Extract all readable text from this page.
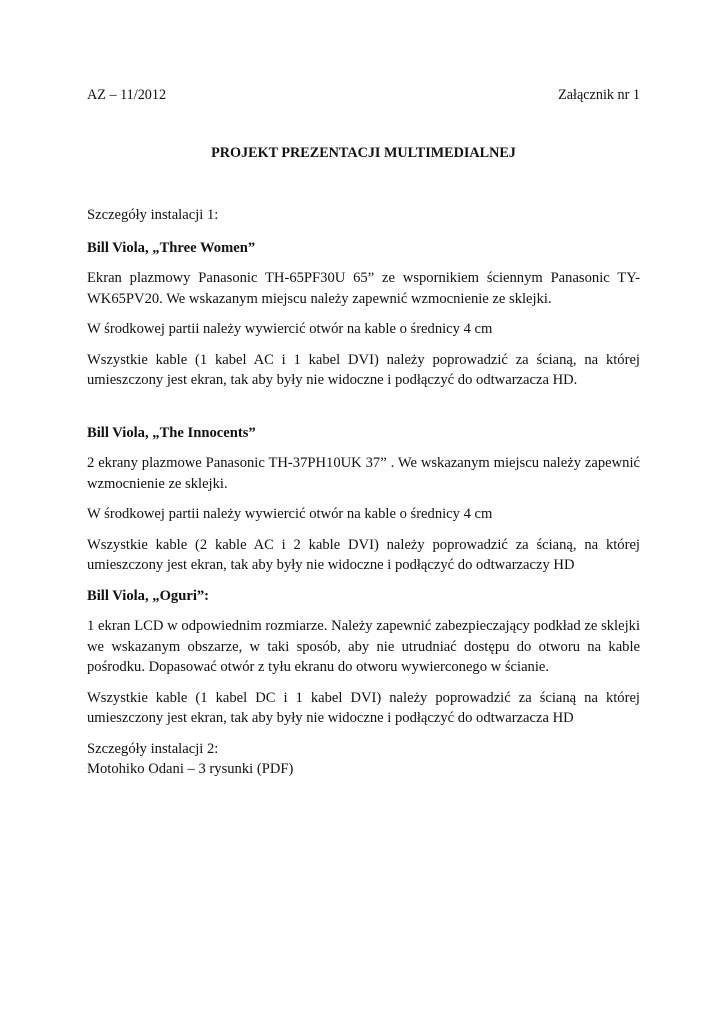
AZ – 11/2012	Załącznik nr 1
PROJEKT PREZENTACJI MULTIMEDIALNEJ

Szczegóły instalacji 1:

Bill Viola, „Three Women”

Ekran plazmowy Panasonic TH-65PF30U 65” ze wspornikiem ściennym Panasonic TY-WK65PV20. We wskazanym miejscu należy zapewnić wzmocnienie ze sklejki.

W środkowej partii należy wywiercić otwór na kable o średnicy 4 cm

Wszystkie kable (1 kabel AC i 1 kabel DVI) należy poprowadzić za ścianą, na której umieszczony jest ekran, tak aby były nie widoczne i podłączyć do odtwarzacza HD.

Bill Viola, „The Innocents”

2 ekrany plazmowe Panasonic TH-37PH10UK 37” . We wskazanym miejscu należy zapewnić wzmocnienie ze sklejki.

W środkowej partii należy wywiercić otwór na kable o średnicy 4 cm

Wszystkie kable (2 kable AC i 2 kable DVI) należy poprowadzić za ścianą, na której umieszczony jest ekran, tak aby były nie widoczne i podłączyć do odtwarzaczy HD

Bill Viola, „Oguri”:

1 ekran LCD w odpowiednim rozmiarze. Należy zapewnić zabezpieczający podkład ze sklejki we wskazanym obszarze, w taki sposób, aby nie utrudniać dostępu do otworu na kable pośrodku. Dopasować otwór z tyłu ekranu do otworu wywierconego w ścianie.

Wszystkie kable (1 kabel DC i 1 kabel DVI) należy poprowadzić za ścianą na której umieszczony jest ekran, tak aby były nie widoczne i podłączyć do odtwarzacza HD

Szczegóły instalacji 2:

Motohiko Odani – 3 rysunki (PDF)
